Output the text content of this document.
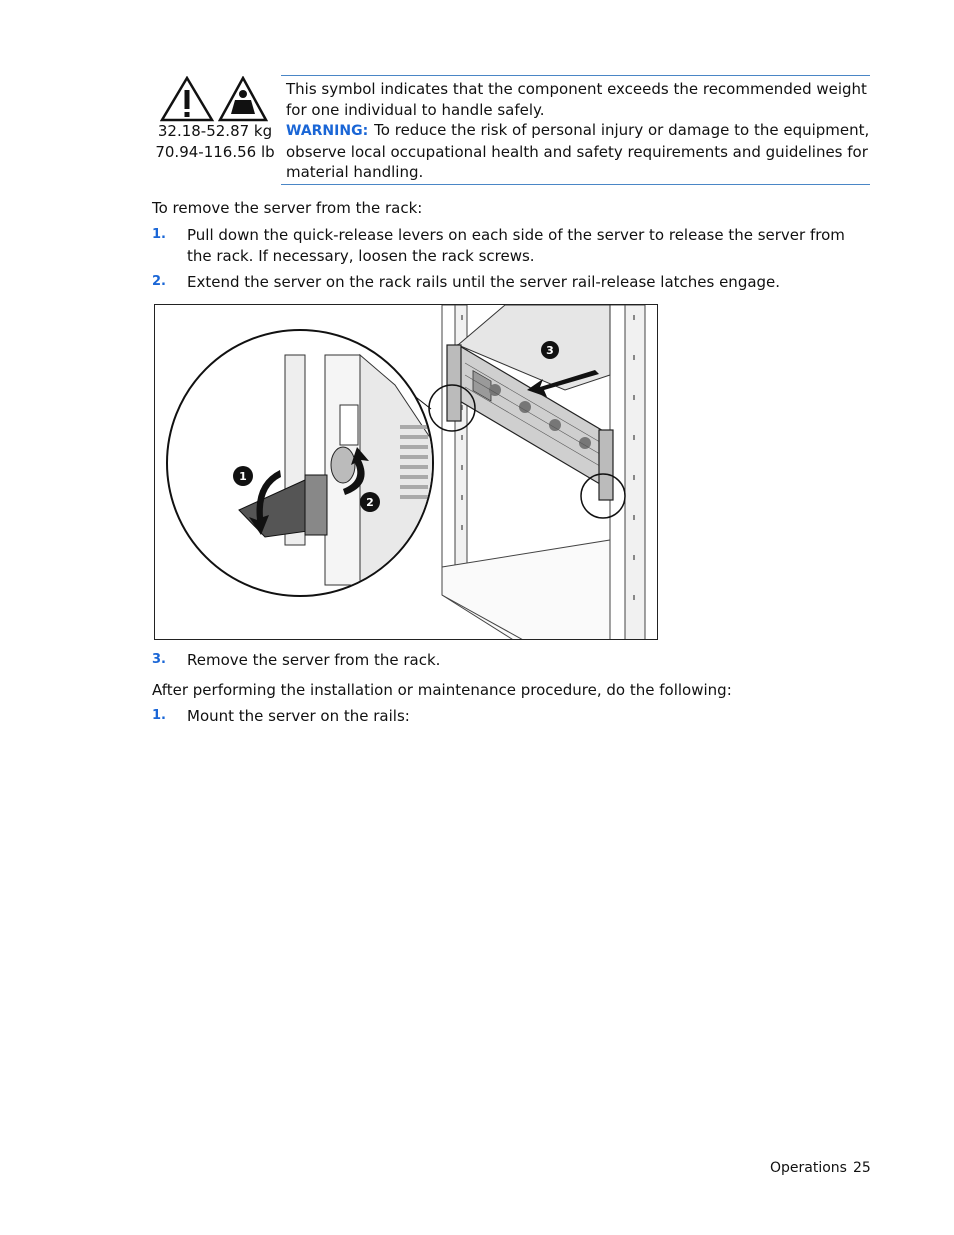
32.18-52.87 kg
70.94-116.56 lb
This symbol indicates that the component exceeds the recommended weight for one individual to handle safely.
WARNING: To reduce the risk of personal injury or damage to the equipment, observe local occupational health and safety requirements and guidelines for material handling.
To remove the server from the rack:
1. Pull down the quick-release levers on each side of the server to release the server from the rack. If necessary, loosen the rack screws.
2. Extend the server on the rack rails until the server rail-release latches engage.
3
1
2
3. Remove the server from the rack.
After performing the installation or maintenance procedure, do the following:
1. Mount the server on the rails:
Operations 25
